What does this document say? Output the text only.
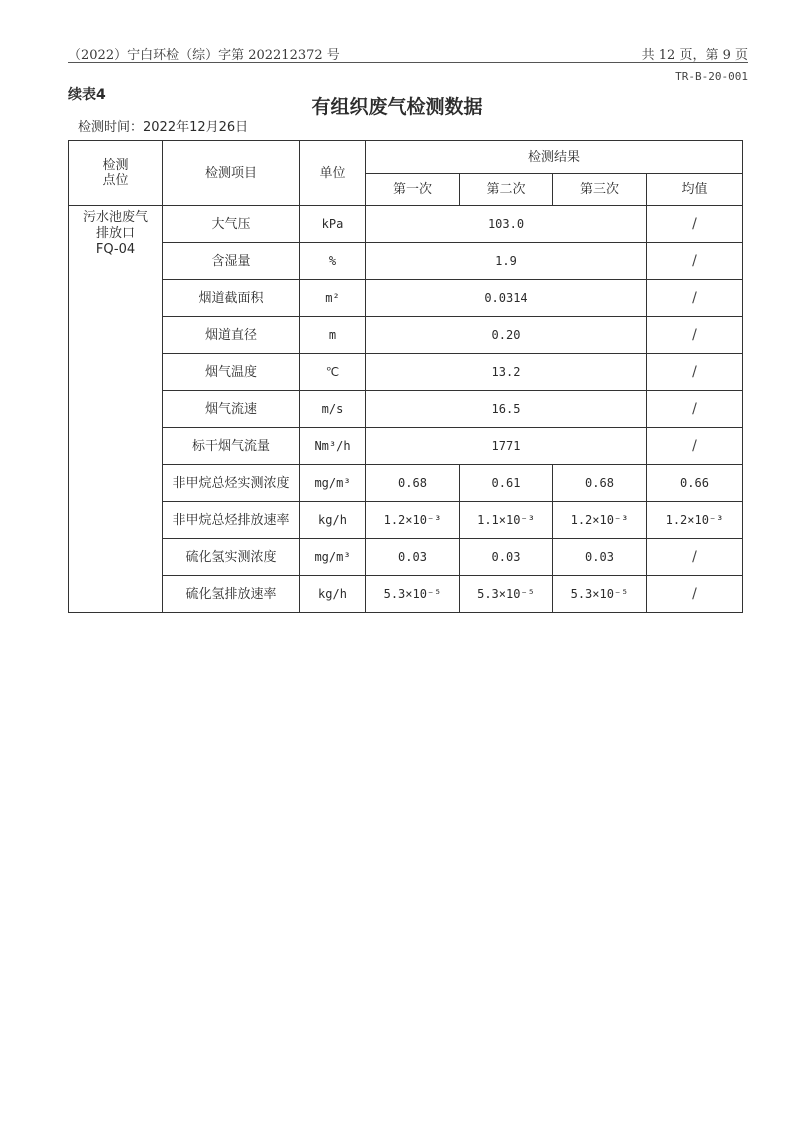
（2022）宁白环检（综）字第 202212372 号	共 12 页，第 9 页
TR-B-20-001
续表4
有组织废气检测数据
检测时间：2022年12月26日
检测
点位	检测项目	单位	检测结果			
			第一次	第二次	第三次	均值
污水池废气
排放口
FQ-04	大气压	kPa	103.0			/
	含湿量	%	1.9			/
	烟道截面积	m²	0.0314			/
	烟道直径	m	0.20			/
	烟气温度	℃	13.2			/
	烟气流速	m/s	16.5			/
	标干烟气流量	Nm³/h	1771			/
	非甲烷总烃实测浓度	mg/m³	0.68	0.61	0.68	0.66
	非甲烷总烃排放速率	kg/h	1.2×10⁻³	1.1×10⁻³	1.2×10⁻³	1.2×10⁻³
	硫化氢实测浓度	mg/m³	0.03	0.03	0.03	/
	硫化氢排放速率	kg/h	5.3×10⁻⁵	5.3×10⁻⁵	5.3×10⁻⁵	/
